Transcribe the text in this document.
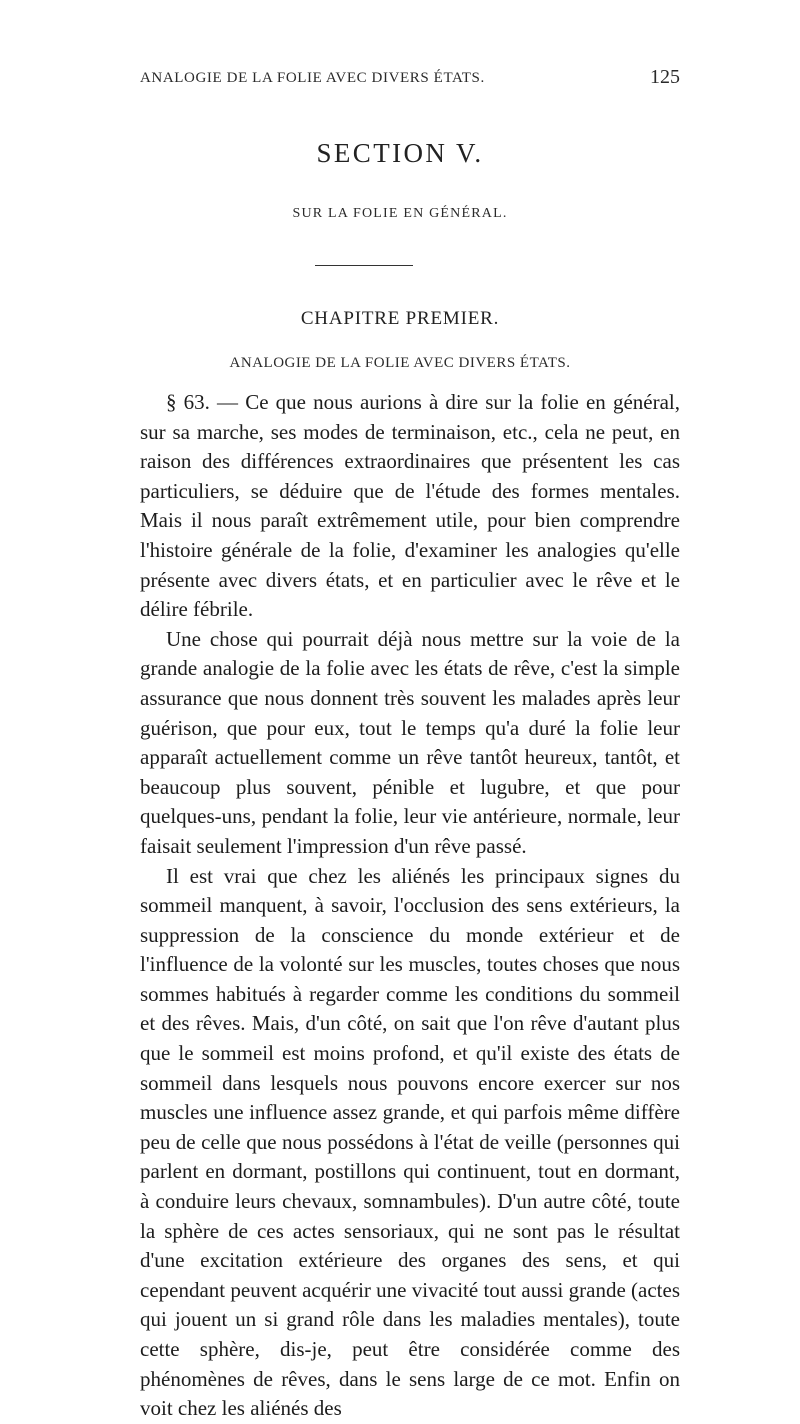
ANALOGIE DE LA FOLIE AVEC DIVERS ÉTATS.	125
SECTION V.
SUR LA FOLIE EN GÉNÉRAL.
CHAPITRE PREMIER.
ANALOGIE DE LA FOLIE AVEC DIVERS ÉTATS.

§ 63. — Ce que nous aurions à dire sur la folie en général, sur sa marche, ses modes de terminaison, etc., cela ne peut, en raison des différences extraordinaires que présentent les cas particuliers, se déduire que de l'étude des formes mentales. Mais il nous paraît extrêmement utile, pour bien comprendre l'histoire générale de la folie, d'examiner les analogies qu'elle présente avec divers états, et en particulier avec le rêve et le délire fébrile.

Une chose qui pourrait déjà nous mettre sur la voie de la grande analogie de la folie avec les états de rêve, c'est la simple assurance que nous donnent très souvent les malades après leur guérison, que pour eux, tout le temps qu'a duré la folie leur apparaît actuellement comme un rêve tantôt heureux, tantôt, et beaucoup plus souvent, pénible et lugubre, et que pour quelques-uns, pendant la folie, leur vie antérieure, normale, leur faisait seulement l'impression d'un rêve passé.

Il est vrai que chez les aliénés les principaux signes du sommeil manquent, à savoir, l'occlusion des sens extérieurs, la suppression de la conscience du monde extérieur et de l'influence de la volonté sur les muscles, toutes choses que nous sommes habitués à regarder comme les conditions du sommeil et des rêves. Mais, d'un côté, on sait que l'on rêve d'autant plus que le sommeil est moins profond, et qu'il existe des états de sommeil dans lesquels nous pouvons encore exercer sur nos muscles une influence assez grande, et qui parfois même diffère peu de celle que nous possédons à l'état de veille (personnes qui parlent en dormant, postillons qui continuent, tout en dormant, à conduire leurs chevaux, somnambules). D'un autre côté, toute la sphère de ces actes sensoriaux, qui ne sont pas le résultat d'une excitation extérieure des organes des sens, et qui cependant peuvent acquérir une vivacité tout aussi grande (actes qui jouent un si grand rôle dans les maladies mentales), toute cette sphère, dis-je, peut être considérée comme des phénomènes de rêves, dans le sens large de ce mot. Enfin on voit chez les aliénés des
